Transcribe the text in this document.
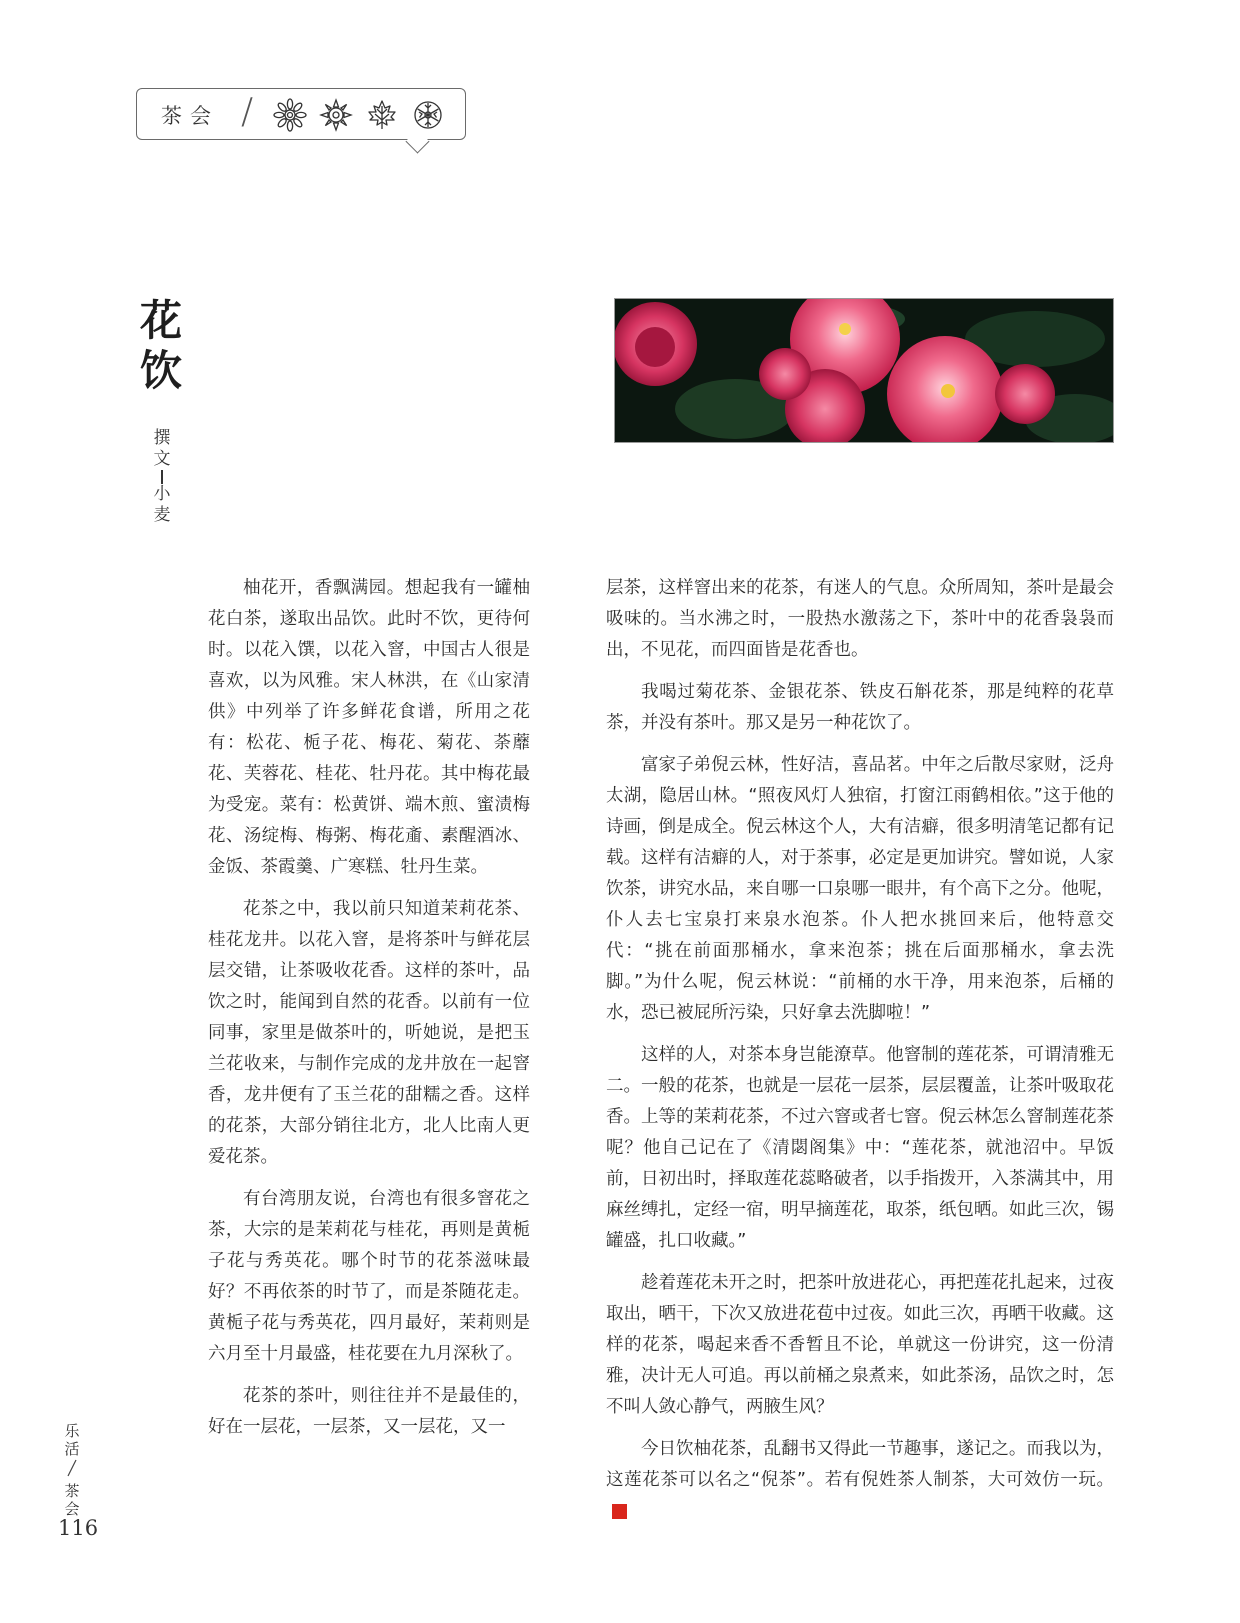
茶会 /
花
饮
撰
文
小
麦

柚花开，香飘满园。想起我有一罐柚花白茶，遂取出品饮。此时不饮，更待何时。以花入馔，以花入窨，中国古人很是喜欢，以为风雅。宋人林洪，在《山家清供》中列举了许多鲜花食谱，所用之花有：松花、栀子花、梅花、菊花、荼蘼花、芙蓉花、桂花、牡丹花。其中梅花最为受宠。菜有：松黄饼、端木煎、蜜渍梅花、汤绽梅、梅粥、梅花齑、素醒酒冰、金饭、茶霞羹、广寒糕、牡丹生菜。

花茶之中，我以前只知道茉莉花茶、桂花龙井。以花入窨，是将茶叶与鲜花层层交错，让茶吸收花香。这样的茶叶，品饮之时，能闻到自然的花香。以前有一位同事，家里是做茶叶的，听她说，是把玉兰花收来，与制作完成的龙井放在一起窨香，龙井便有了玉兰花的甜糯之香。这样的花茶，大部分销往北方，北人比南人更爱花茶。

有台湾朋友说，台湾也有很多窨花之茶，大宗的是茉莉花与桂花，再则是黄栀子花与秀英花。哪个时节的花茶滋味最好？不再依茶的时节了，而是茶随花走。黄栀子花与秀英花，四月最好，茉莉则是六月至十月最盛，桂花要在九月深秋了。

花茶的茶叶，则往往并不是最佳的，好在一层花，一层茶，又一层花，又一

层茶，这样窨出来的花茶，有迷人的气息。众所周知，茶叶是最会吸味的。当水沸之时，一股热水激荡之下，茶叶中的花香袅袅而出，不见花，而四面皆是花香也。

我喝过菊花茶、金银花茶、铁皮石斛花茶，那是纯粹的花草茶，并没有茶叶。那又是另一种花饮了。

富家子弟倪云林，性好洁，喜品茗。中年之后散尽家财，泛舟太湖，隐居山林。“照夜风灯人独宿，打窗江雨鹤相依。”这于他的诗画，倒是成全。倪云林这个人，大有洁癖，很多明清笔记都有记载。这样有洁癖的人，对于茶事，必定是更加讲究。譬如说，人家饮茶，讲究水品，来自哪一口泉哪一眼井，有个高下之分。他呢，仆人去七宝泉打来泉水泡茶。仆人把水挑回来后，他特意交代：“挑在前面那桶水，拿来泡茶；挑在后面那桶水，拿去洗脚。”为什么呢，倪云林说：“前桶的水干净，用来泡茶，后桶的水，恐已被屁所污染，只好拿去洗脚啦！”

这样的人，对茶本身岂能潦草。他窨制的莲花茶，可谓清雅无二。一般的花茶，也就是一层花一层茶，层层覆盖，让茶叶吸取花香。上等的茉莉花茶，不过六窨或者七窨。倪云林怎么窨制莲花茶呢？他自己记在了《清閟阁集》中：“莲花茶，就池沼中。早饭前，日初出时，择取莲花蕊略破者，以手指拨开，入茶满其中，用麻丝缚扎，定经一宿，明早摘莲花，取茶，纸包晒。如此三次，锡罐盛，扎口收藏。”

趁着莲花未开之时，把茶叶放进花心，再把莲花扎起来，过夜取出，晒干，下次又放进花苞中过夜。如此三次，再晒干收藏。这样的花茶，喝起来香不香暂且不论，单就这一份讲究，这一份清雅，决计无人可追。再以前桶之泉煮来，如此茶汤，品饮之时，怎不叫人敛心静气，两腋生风？

今日饮柚花茶，乱翻书又得此一节趣事，遂记之。而我以为，这莲花茶可以名之“倪茶”。若有倪姓茶人制茶，大可效仿一玩。

乐
活
茶
会
116
